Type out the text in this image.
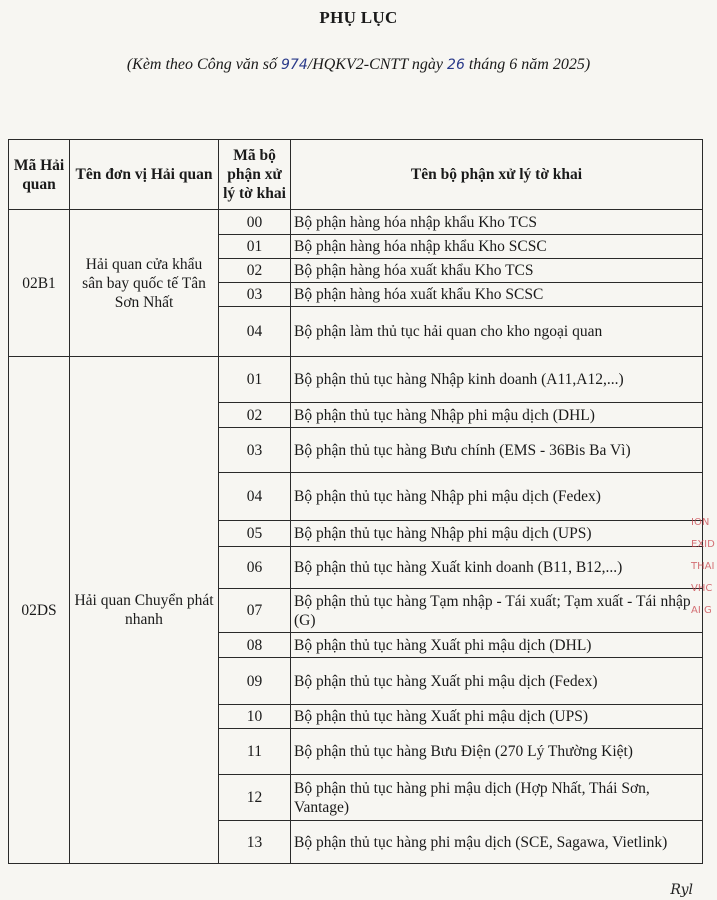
PHỤ LỤC
(Kèm theo Công văn số 974/HQKV2-CNTT ngày 26 tháng 6 năm 2025)
Mã Hải quan	Tên đơn vị Hải quan	Mã bộ phận xử lý tờ khai	Tên bộ phận xử lý tờ khai
02B1	Hải quan cửa khẩu sân bay quốc tế Tân Sơn Nhất	00	Bộ phận hàng hóa nhập khẩu Kho TCS
		01	Bộ phận hàng hóa nhập khẩu Kho SCSC
		02	Bộ phận hàng hóa xuất khẩu Kho TCS
		03	Bộ phận hàng hóa xuất khẩu Kho SCSC
		04	Bộ phận làm thủ tục hải quan cho kho ngoại quan
02DS	Hải quan Chuyển phát nhanh	01	Bộ phận thủ tục hàng Nhập kinh doanh (A11,A12,...)
		02	Bộ phận thủ tục hàng Nhập phi mậu dịch (DHL)
		03	Bộ phận thủ tục hàng Bưu chính (EMS - 36Bis Ba Vì)
		04	Bộ phận thủ tục hàng Nhập phi mậu dịch (Fedex)
		05	Bộ phận thủ tục hàng Nhập phi mậu dịch (UPS)
		06	Bộ phận thủ tục hàng Xuất kinh doanh (B11, B12,...)
		07	Bộ phận thủ tục hàng Tạm nhập - Tái xuất; Tạm xuất - Tái nhập (G)
		08	Bộ phận thủ tục hàng Xuất phi mậu dịch (DHL)
		09	Bộ phận thủ tục hàng Xuất phi mậu dịch (Fedex)
		10	Bộ phận thủ tục hàng Xuất phi mậu dịch (UPS)
		11	Bộ phận thủ tục hàng Bưu Điện (270 Lý Thường Kiệt)
		12	Bộ phận thủ tục hàng phi mậu dịch (Hợp Nhất, Thái Sơn, Vantage)
		13	Bộ phận thủ tục hàng phi mậu dịch (SCE, Sagawa, Vietlink)
ION
EXID
THAI
VHC
AI G
Ryl
